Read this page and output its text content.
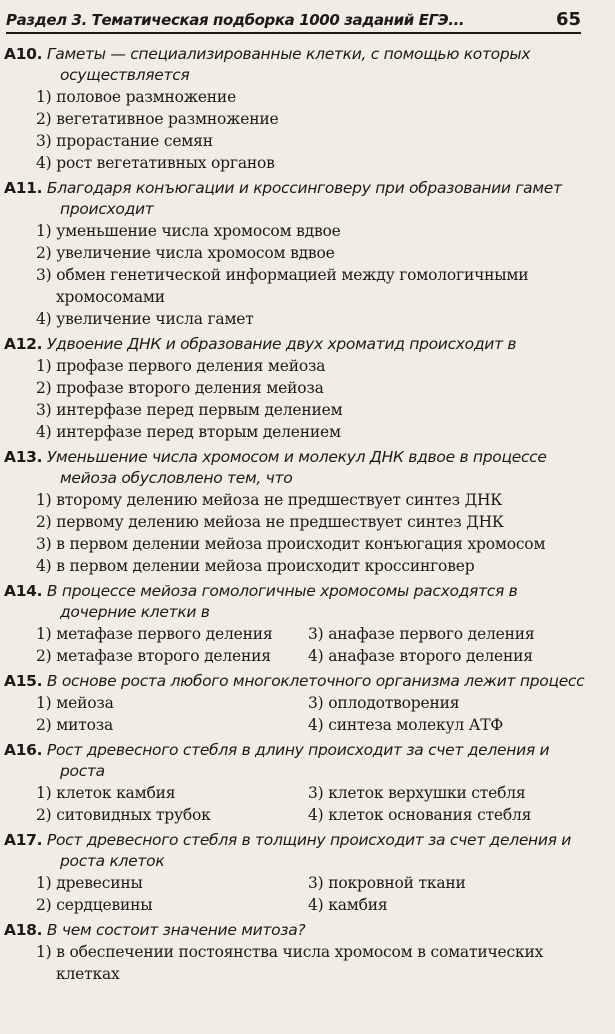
Раздел 3. Тематическая подборка 1000 заданий ЕГЭ...	65
А10. Гаметы — специализированные клетки, с помощью которых осуществляется
1) половое размножение
2) вегетативное размножение
3) прорастание семян
4) рост вегетативных органов
А11. Благодаря конъюгации и кроссинговеру при образовании гамет происходит
1) уменьшение числа хромосом вдвое
2) увеличение числа хромосом вдвое
3) обмен генетической информацией между гомологичными хромосомами
4) увеличение числа гамет
А12. Удвоение ДНК и образование двух хроматид происходит в
1) профазе первого деления мейоза
2) профазе второго деления мейоза
3) интерфазе перед первым делением
4) интерфазе перед вторым делением
А13. Уменьшение числа хромосом и молекул ДНК вдвое в процессе мейоза обусловлено тем, что
1) второму делению мейоза не предшествует синтез ДНК
2) первому делению мейоза не предшествует синтез ДНК
3) в первом делении мейоза происходит конъюгация хромосом
4) в первом делении мейоза происходит кроссинговер
А14. В процессе мейоза гомологичные хромосомы расходятся в дочерние клетки в
1) метафазе первого деления	3) анафазе первого деления
2) метафазе второго деления	4) анафазе второго деления
А15. В основе роста любого многоклеточного организма лежит процесс
1) мейоза	3) оплодотворения
2) митоза	4) синтеза молекул АТФ
А16. Рост древесного стебля в длину происходит за счет деления и роста
1) клеток камбия	3) клеток верхушки стебля
2) ситовидных трубок	4) клеток основания стебля
А17. Рост древесного стебля в толщину происходит за счет деления и роста клеток
1) древесины	3) покровной ткани
2) сердцевины	4) камбия
А18. В чем состоит значение митоза?
1) в обеспечении постоянства числа хромосом в соматических клетках
